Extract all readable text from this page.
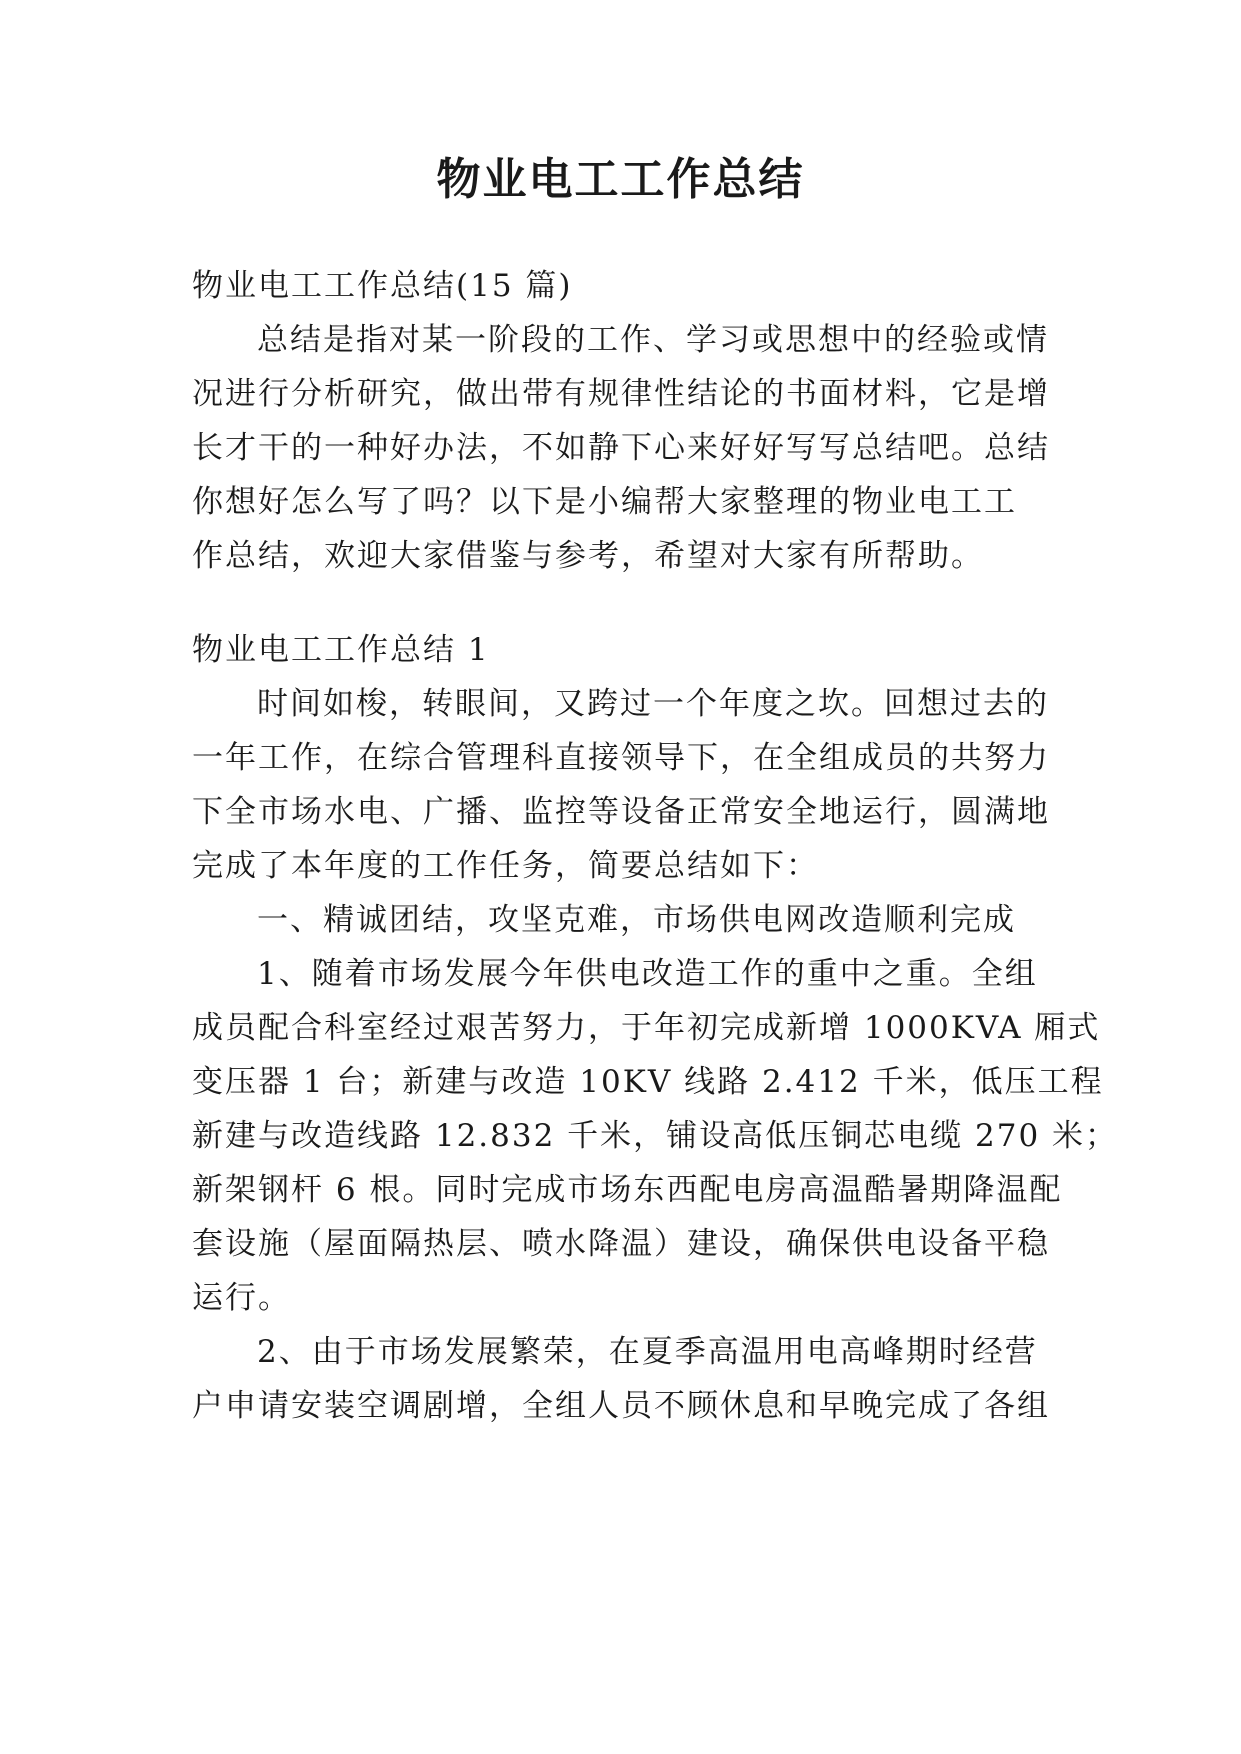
物业电工工作总结
物业电工工作总结(15 篇)
总结是指对某一阶段的工作、学习或思想中的经验或情
况进行分析研究，做出带有规律性结论的书面材料，它是增
长才干的一种好办法，不如静下心来好好写写总结吧。总结
你想好怎么写了吗？以下是小编帮大家整理的物业电工工
作总结，欢迎大家借鉴与参考，希望对大家有所帮助。
物业电工工作总结 1
时间如梭，转眼间，又跨过一个年度之坎。回想过去的
一年工作，在综合管理科直接领导下，在全组成员的共努力
下全市场水电、广播、监控等设备正常安全地运行，圆满地
完成了本年度的工作任务，简要总结如下：
一、精诚团结，攻坚克难，市场供电网改造顺利完成
1、随着市场发展今年供电改造工作的重中之重。全组
成员配合科室经过艰苦努力，于年初完成新增 1000KVA 厢式
变压器 1 台；新建与改造 10KV 线路 2.412 千米，低压工程
新建与改造线路 12.832 千米，铺设高低压铜芯电缆 270 米；
新架钢杆 6 根。同时完成市场东西配电房高温酷暑期降温配
套设施（屋面隔热层、喷水降温）建设，确保供电设备平稳
运行。
2、由于市场发展繁荣，在夏季高温用电高峰期时经营
户申请安装空调剧增，全组人员不顾休息和早晚完成了各组
